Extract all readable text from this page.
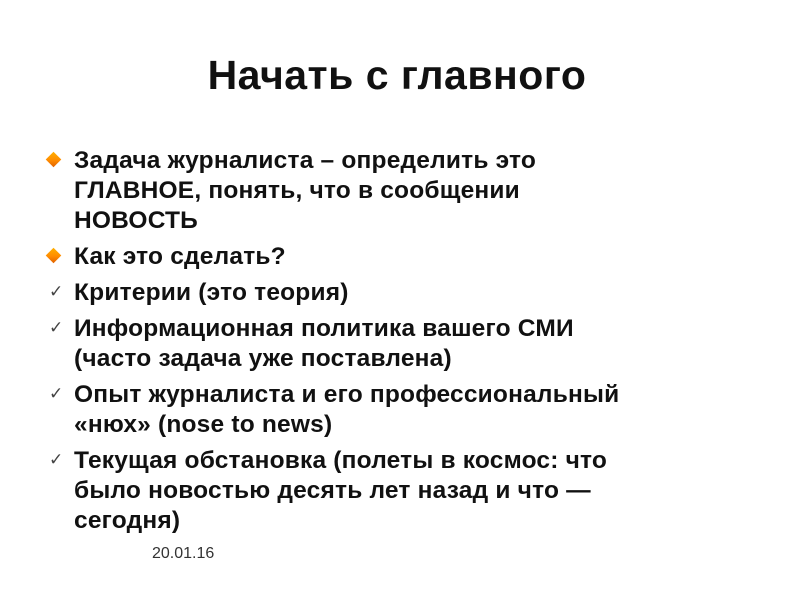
Начать с главного
Задача журналиста – определить это
ГЛАВНОЕ, понять, что в сообщении
НОВОСТЬ
Как это сделать?
✓ Критерии (это теория)
✓ Информационная политика вашего СМИ
(часто задача уже поставлена)
✓ Опыт журналиста и его профессиональный
«нюх» (nose to news)
✓ Текущая обстановка (полеты в космос: что
было новостью десять лет назад и что —
сегодня)
20.01.16
